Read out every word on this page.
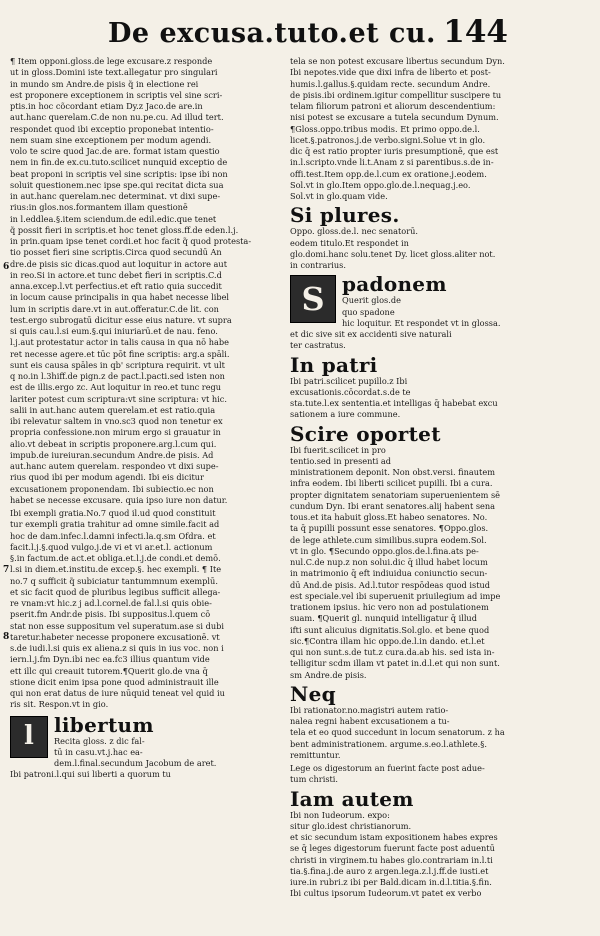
De excusa.tuto.et cu. 144
6
7
8
¶ Item opponi.gloss.de lege excusare.z responde
ut in gloss.Domini iste text.allegatur pro singulari
in mundo sm Andre.de pisis q̃ in electione rei
est proponere exceptionem in scriptis vel sine scri-
ptis.in hoc cõcordant etiam Dy.z Jaco.de are.in
aut.hanc querelam.C.de non nu.pe.cu. Ad illud tert.
respondet quod ibi exceptio proponebat intentio-
nem suam sine exceptionem per modum agendi.
volo te scire quod Jac.de are. format istam questio
nem in fin.de ex.cu.tuto.scilicet nunquid exceptio de
beat proponi in scriptis vel sine scriptis: ipse ibi non
soluit questionem.nec ipse spe.qui recitat dicta sua
in aut.hanc querelam.nec determinat. vt dixi supe-
rius:in glos.nos.formantem illam questionē
in l.eddlea.§.item sciendum.de edil.edic.que tenet
q̃ possit fieri in scriptis.et hoc tenet gloss.ff.de eden.l.j.
in prin.quam ipse tenet cordi.et hoc facit q̃ quod protesta-
tio posset fieri sine scriptis.Circa quod secundū An
dre.de pisis sic dicas.quod aut loquitur in actore aut
in reo.Si in actore.et tunc debet fieri in scriptis.C.d
anna.excep.l.vt perfectius.et eft ratio quia succedit
in locum cause principalis in qua habet necesse libel
lum in scriptis dare.vt in aut.offeratur.C.de lit. con
test.ergo subrogatū dicitur esse eius nature. vt supra
si quis cau.l.si eum.§.qui iniuriarū.et de nau. feno.
l.j.aut protestatur actor in talis causa in qua nō habe
ret necesse agere.et tūc pōt fine scriptis: arg.a spāli.
sunt eis causa spāles in qb' scriptura requirit. vt ult
q no.in l.3hiff.de pign.z de pact.l.pacti.sed isten non
est de illis.ergo zc. Aut loquitur in reo.et tunc regu
lariter potest cum scriptura:vt sine scriptura: vt hic.
salii in aut.hanc autem querelam.et est ratio.quia
ibi relevatur saltem in vno.sc3 quod non tenetur ex
propria confessione.non mirum ergo si grauatur in
alio.vt debeat in scriptis proponere.arg.l.cum qui.
impub.de iureiuran.secundum Andre.de pisis. Ad
aut.hanc autem querelam. respondeo vt dixi supe-
rius quod ibi per modum agendi. Ibi eis dicitur
excusationem proponendam. Ibi subiectio.ec non
habet se necesse excusare. quia ipso iure non datur.
Ibi exempli gratia.No.7 quod il.ud quod constituit
tur exempli gratia trahitur ad omne simile.facit ad
hoc de dam.infec.l.damni infecti.la.q.sm Ofdra. et
facit.l.j.§.quod vulgo.j.de vi et vi ar.et.l. actionum
§.in factum.de act.et obliga.et.l.j.de condi.et demō.
l.si in diem.et.institu.de excep.§. hec exempli. ¶ Ite
no.7 q sufficit q̃ subiciatur tantummnum exemplū.
et sic facit quod de pluribus legibus sufficit allega-
re vnam:vt hic.z j ad.l.cornel.de fal.l.si quis obie-
pserit.fm Andr.de pisis. Ibi suppositus.l.quem cō
stat non esse suppositum vel superatum.ase si dubi
taretur.habeter necesse proponere excusationē. vt
s.de iudi.l.si quis ex aliena.z si quis in ius voc. non i
iern.l.j.fm Dyn.ibi nec ea.fc3 illius quantum vide
ett illc qui creauit tutorem.¶Querit glo.de vna q̄
stione dicit enim ipsa pone quod administrauit ille
qui non erat datus de iure nūquid teneat vel quid iu
ris sit. Respon.vt in gio.
l	libertum
Recita gloss. z dic fal-
tū in casu.vt.j.hac ea-
dem.l.final.secundum Jacobum de aret.
Ibi patroni.l.qui sui liberti a quorum tu
tela se non potest excusare libertus secundum Dyn.
Ibi nepotes.vide que dixi infra de liberto et post-
humis.l.gallus.§.quidam recte. secundum Andre.
de pisis.ibi ordinem.igitur compellitur suscipere tu
telam filiorum patroni et aliorum descendentium:
nisi potest se excusare a tutela secundum Dynum.
¶Gloss.oppo.tribus modis. Et primo oppo.de.l.
licet.§.patronos.j.de verbo.signi.Solue vt in glo.
dic q̄ est ratio propter iuris presumptionē, que est
in.l.scripto.vnde li.t.Anam z si parentibus.s.de in-
offi.test.Item opp.de.l.cum ex oratione.j.eodem.
Sol.vt in glo.Item oppo.glo.de.l.nequag.j.eo.
Sol.vt in glo.quam vide.
Si plures.
Oppo. gloss.de.l. nec senatorū.
eodem titulo.Et respondet in
glo.domi.hanc solu.tenet Dy. licet gloss.aliter not.
in contrarius.
S padonem
Querit glos.de
quo spadone
hic loquitur. Et respondet vt in glossa.
et dic sive sit ex accidenti sive naturali
ter castratus.
In patri
Ibi patri.scilicet pupillo.z Ibi
excusationis.cōcordat.s.de te
sta.tute.l.ex sententia.et intelligas q̄ habebat excu
sationem a iure commune.
Scire oportet
Ibi fuerit.scilicet in pro
tentio.sed in presenti ad
ministrationem deponit. Non obst.versi. finautem
infra eodem. Ibi liberti scilicet pupilli. Ibi a cura.
propter dignitatem senatoriam superuenientem sē
cundum Dyn. Ibi erant senatores.alij habent sena
tous.et ita habuit gloss.Et habeo senatores. No.
ta q̄ pupilli possunt esse senatores. ¶Oppo.glos.
de lege athlete.cum similibus.supra eodem.Sol.
vt in glo. ¶Secundo oppo.glos.de.l.fina.ats pe-
nul.C.de nup.z non solui.dic q̄ illud habet locum
in matrimonio q̄ eft indiuidua coniunctio secun-
dū And.de pisis. Ad.l.tutor respōdeas quod istud
est speciale.vel ibi superuenit priuilegium ad impe
trationem ipsius. hic vero non ad postulationem
suam. ¶Querit gl. nunquid intelligatur q̄ illud
ifti sunt alicuius dignitatis.Sol.glo. et bene quod
sic.¶Contra illam hic oppo.de.l.in dando. et.l.et
qui non sunt.s.de tut.z cura.da.ab his. sed ista in-
telligitur scdm illam vt patet in.d.l.et qui non sunt.
sm Andre.de pisis.
Neq
Ibi rationator.no.magistri autem ratio-
nalea regni habent excusationem a tu-
tela et eo quod succedunt in locum senatorum. z ha
bent administrationem. argume.s.eo.l.athlete.§.
remittuntur.
Lege os digestorum an fuerint facte post adue-
tum christi.
Iam autem
Ibi non Iudeorum. expo:
situr glo.idest christianorum.
et sic secundum istam expositionem habes expres
se q̄ leges digestorum fuerunt facte post aduentū
christi in virginem.tu habes glo.contrariam in.l.ti
tia.§.fina.j.de auro z argen.lega.z.l.j.ff.de iusti.et
iure.in rubri.z ibi per Bald.dicam in.d.l.titia.§.fin.
Ibi cultus ipsorum Iudeorum.vt patet ex verbo
